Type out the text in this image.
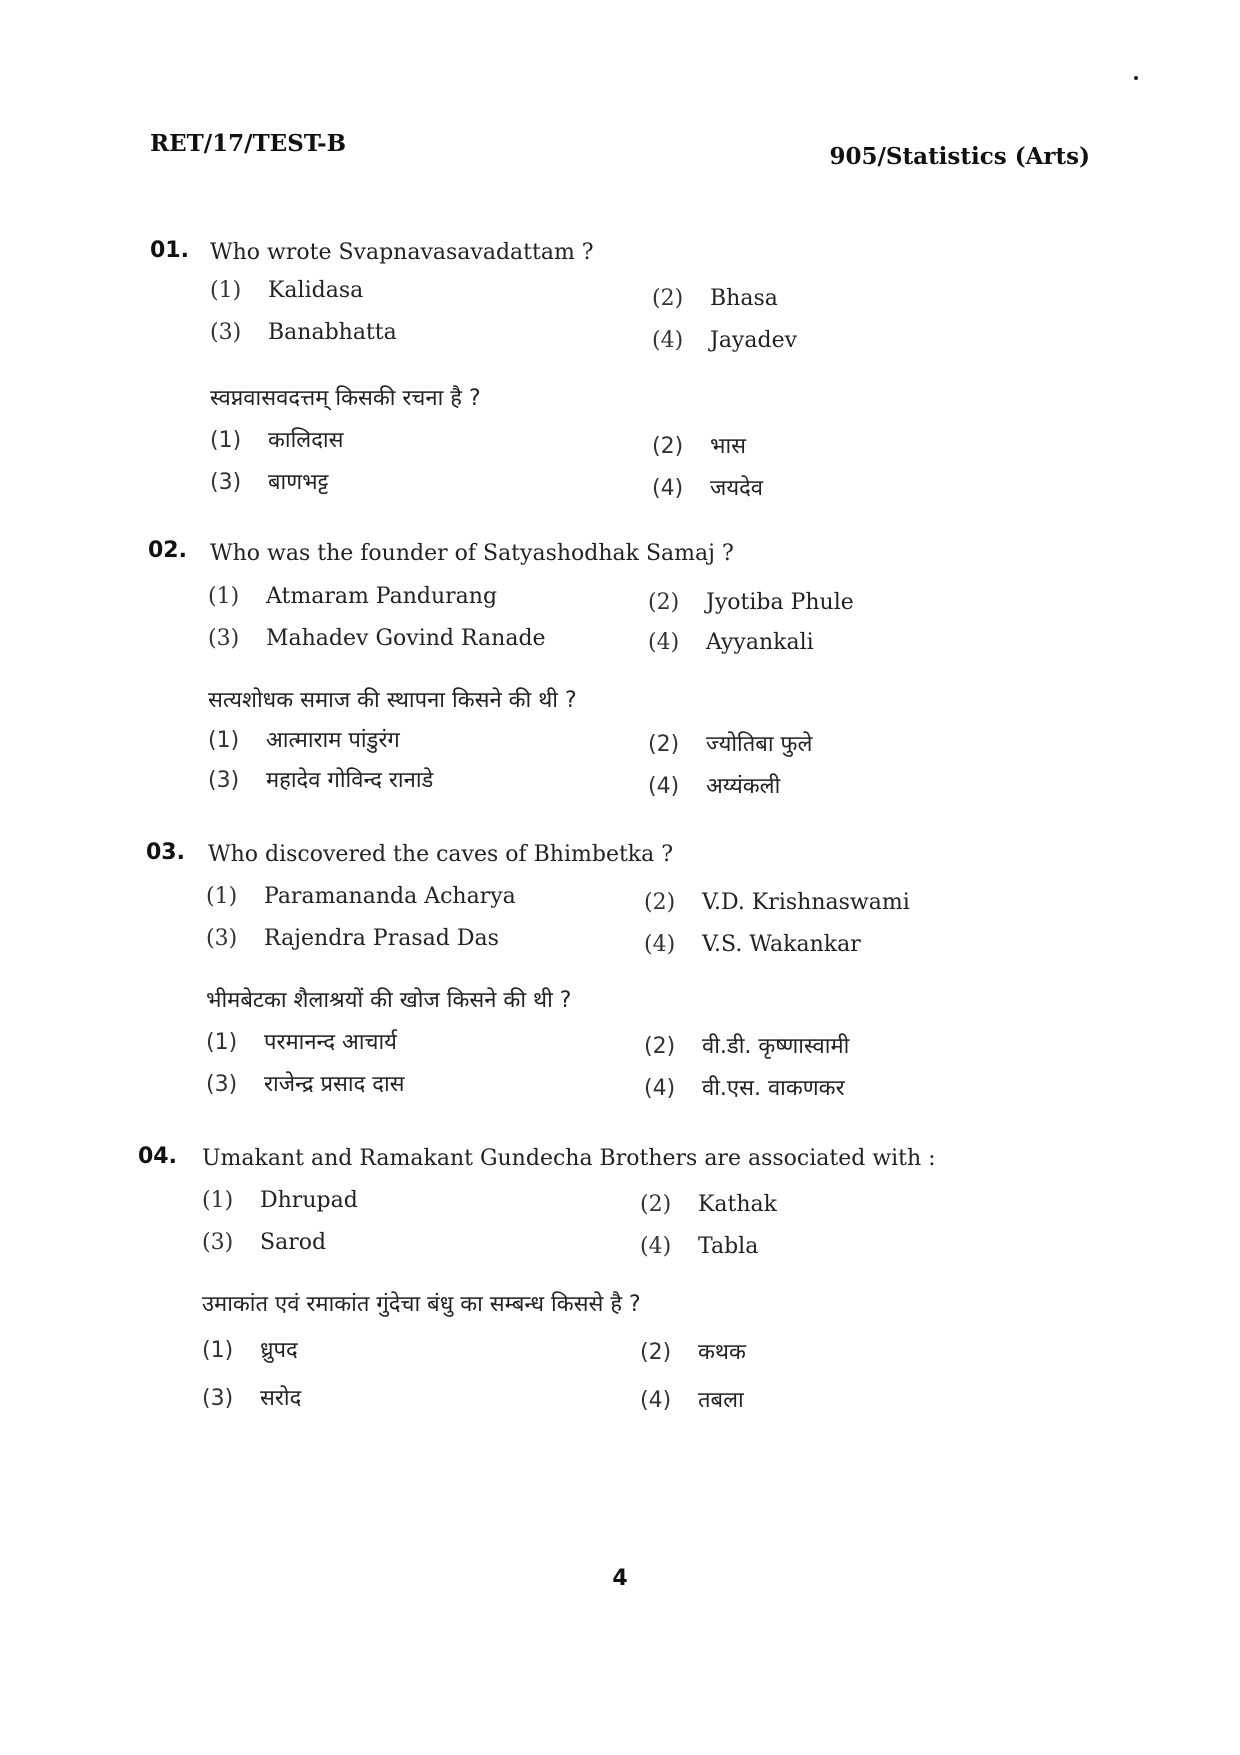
RET/17/TEST-B	905/Statistics (Arts)
01. Who wrote Svapnavasavadattam ?
(1) Kalidasa	(2) Bhasa
(3) Banabhatta	(4) Jayadev
स्वप्नवासवदत्तम् किसकी रचना है ?
(1) कालिदास	(2) भास
(3) बाणभट्ट	(4) जयदेव
02. Who was the founder of Satyashodhak Samaj ?
(1) Atmaram Pandurang	(2) Jyotiba Phule
(3) Mahadev Govind Ranade	(4) Ayyankali
सत्यशोधक समाज की स्थापना किसने की थी ?
(1) आत्माराम पांडुरंग	(2) ज्योतिबा फुले
(3) महादेव गोविन्द रानाडे	(4) अय्यंकली
03. Who discovered the caves of Bhimbetka ?
(1) Paramananda Acharya	(2) V.D. Krishnaswami
(3) Rajendra Prasad Das	(4) V.S. Wakankar
भीमबेटका शैलाश्रयों की खोज किसने की थी ?
(1) परमानन्द आचार्य	(2) वी.डी. कृष्णास्वामी
(3) राजेन्द्र प्रसाद दास	(4) वी.एस. वाकणकर
04. Umakant and Ramakant Gundecha Brothers are associated with :
(1) Dhrupad	(2) Kathak
(3) Sarod	(4) Tabla
उमाकांत एवं रमाकांत गुंदेचा बंधु का सम्बन्ध किससे है ?
(1) ध्रुपद	(2) कथक
(3) सरोद	(4) तबला
4
